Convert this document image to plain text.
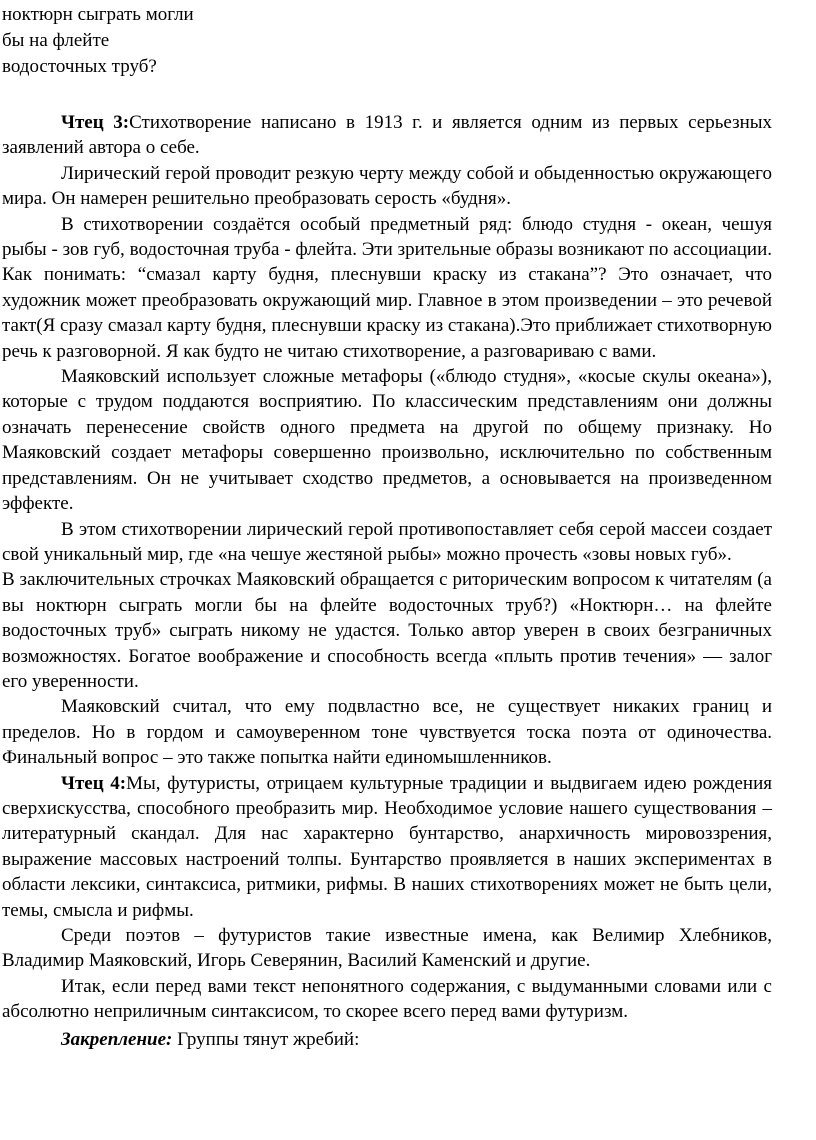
ноктюрн сыграть могли
бы на флейте
водосточных труб?

Чтец 3:Стихотворение написано в 1913 г. и является одним из первых серьезных заявлений автора о себе.

Лирический герой проводит резкую черту между собой и обыденностью окружающего мира. Он намерен решительно преобразовать серость «будня».

В стихотворении создаётся особый предметный ряд: блюдо студня - океан, чешуя рыбы - зов губ, водосточная труба - флейта. Эти зрительные образы возникают по ассоциации. Как понимать: “смазал карту будня, плеснувши краску из стакана”? Это означает, что художник может преобразовать окружающий мир. Главное в этом произведении – это речевой такт(Я сразу смазал карту будня, плеснувши краску из стакана).Это приближает стихотворную речь к разговорной. Я как будто не читаю стихотворение, а разговариваю с вами.

Маяковский использует сложные метафоры («блюдо студня», «косые скулы океана»), которые с трудом поддаются восприятию. По классическим представлениям они должны означать перенесение свойств одного предмета на другой по общему признаку. Но Маяковский создает метафоры совершенно произвольно, исключительно по собственным представлениям. Он не учитывает сходство предметов, а основывается на произведенном эффекте.

В этом стихотворении лирический герой противопоставляет себя серой массеи создает свой уникальный мир, где «на чешуе жестяной рыбы» можно прочесть «зовы новых губ».

В заключительных строчках Маяковский обращается с риторическим вопросом к читателям (а вы ноктюрн сыграть могли бы на флейте водосточных труб?) «Ноктюрн… на флейте водосточных труб» сыграть никому не удастся. Только автор уверен в своих безграничных возможностях. Богатое воображение и способность всегда «плыть против течения» — залог его уверенности.

Маяковский считал, что ему подвластно все, не существует никаких границ и пределов. Но в гордом и самоуверенном тоне чувствуется тоска поэта от одиночества. Финальный вопрос – это также попытка найти единомышленников.

Чтец 4:Мы, футуристы, отрицаем культурные традиции и выдвигаем идею рождения сверхискусства, способного преобразить мир. Необходимое условие нашего существования – литературный скандал. Для нас характерно бунтарство, анархичность мировоззрения, выражение массовых настроений толпы. Бунтарство проявляется в наших экспериментах в области лексики, синтаксиса, ритмики, рифмы. В наших стихотворениях может не быть цели, темы, смысла и рифмы.

Среди поэтов – футуристов такие известные имена, как Велимир Хлебников, Владимир Маяковский, Игорь Северянин, Василий Каменский и другие.

Итак, если перед вами текст непонятного содержания, с выдуманными словами или с абсолютно неприличным синтаксисом, то скорее всего перед вами футуризм.

Закрепление: Группы тянут жребий:
